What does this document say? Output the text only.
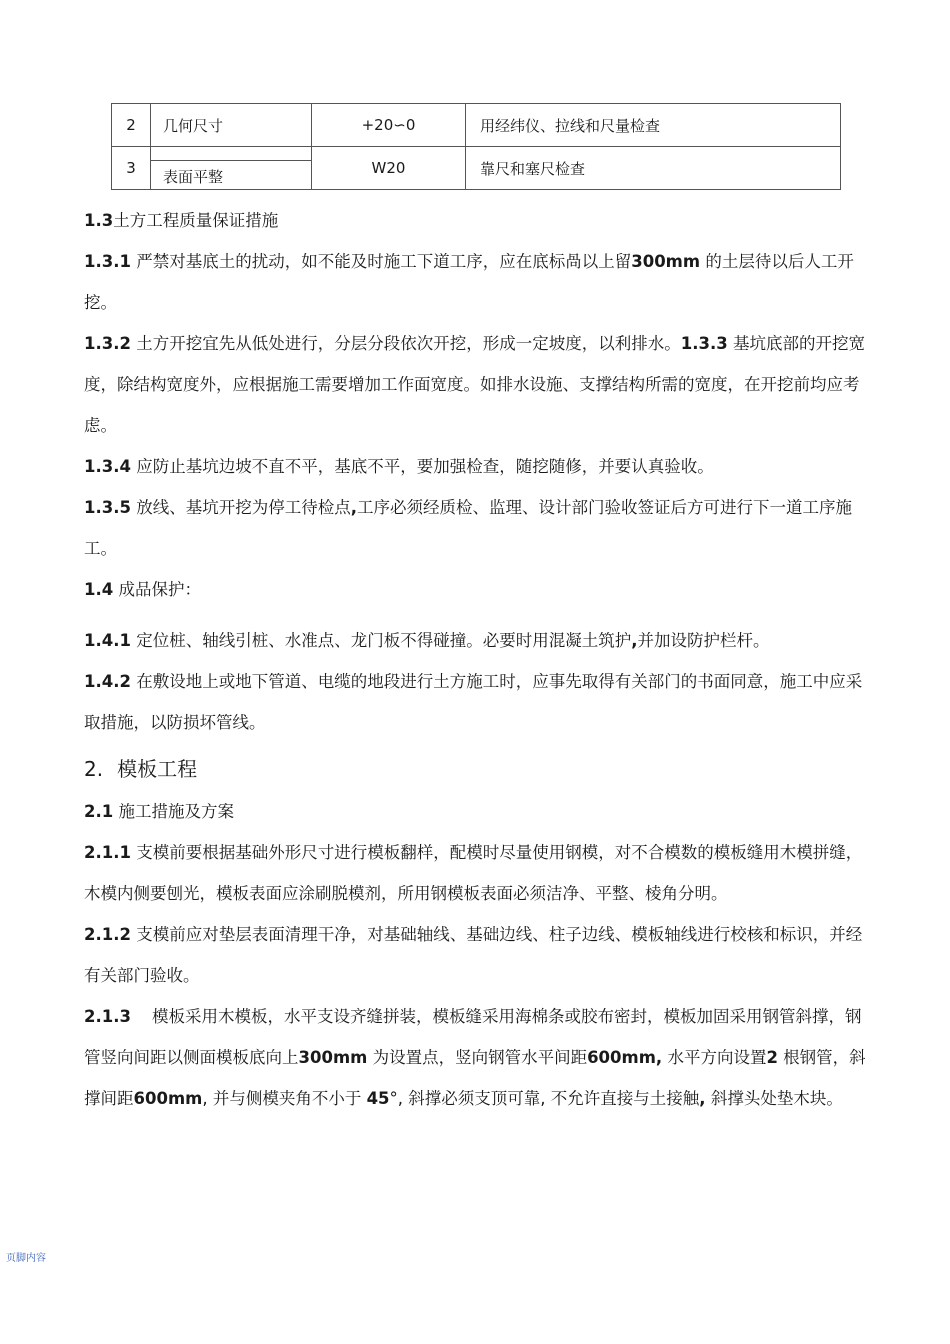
2	几何尺寸	+20∽0	用经纬仪、拉线和尺量检查
3	表面平整	W20	靠尺和塞尺检查

1.3土方工程质量保证措施

1.3.1 严禁对基底土的扰动，如不能及时施工下道工序，应在底标咼以上留300mm 的土层待以后人工开挖。

1.3.2 土方开挖宜先从低处进行，分层分段依次开挖，形成一定坡度，以利排水。1.3.3 基坑底部的开挖宽度，除结构宽度外，应根据施工需要增加工作面宽度。如排水设施、支撑结构所需的宽度，在开挖前均应考虑。

1.3.4 应防止基坑边坡不直不平，基底不平，要加强检查，随挖随修，并要认真验收。

1.3.5 放线、基坑开挖为停工待检点,工序必须经质检、监理、设计部门验收签证后方可进行下一道工序施工。

1.4 成品保护：

1.4.1 定位桩、轴线引桩、水准点、龙门板不得碰撞。必要时用混凝土筑护,并加设防护栏杆。

1.4.2 在敷设地上或地下管道、电缆的地段进行土方施工时，应事先取得有关部门的书面同意，施工中应采取措施，以防损坏管线。

2. 模板工程

2.1 施工措施及方案

2.1.1 支模前要根据基础外形尺寸进行模板翻样，配模时尽量使用钢模，对不合模数的模板缝用木模拼缝，木模内侧要刨光，模板表面应涂刷脱模剂，所用钢模板表面必须洁净、平整、棱角分明。

2.1.2 支模前应对垫层表面清理干净，对基础轴线、基础边线、柱子边线、模板轴线进行校核和标识，并经有关部门验收。

2.1.3 模板采用木模板，水平支设齐缝拼装，模板缝采用海棉条或胶布密封，模板加固采用钢管斜撑，钢管竖向间距以侧面模板底向上300mm 为设置点，竖向钢管水平间距600mm, 水平方向设置2 根钢管，斜撑间距600mm, 并与侧模夹角不小于 45°, 斜撑必须支顶可靠, 不允许直接与土接触, 斜撑头处垫木块。

页脚内容
